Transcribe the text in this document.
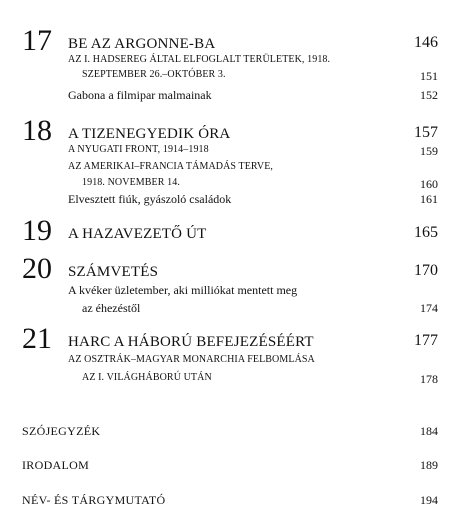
17 BE AZ ARGONNE-BA	146
AZ I. HADSEREG ÁLTAL ELFOGLALT TERÜLETEK, 1918.
SZEPTEMBER 26.–OKTÓBER 3.	151
Gabona a filmipar malmainak	152
18 A TIZENEGYEDIK ÓRA	157
A NYUGATI FRONT, 1914–1918	159
AZ AMERIKAI–FRANCIA TÁMADÁS TERVE,
1918. NOVEMBER 14.	160
Elvesztett fiúk, gyászoló családok	161
19 A HAZAVEZETŐ ÚT	165
20 SZÁMVETÉS	170
A kvéker üzletember, aki milliókat mentett meg
az éhezéstől	174
21 HARC A HÁBORÚ BEFEJEZÉSÉÉRT	177
AZ OSZTRÁK–MAGYAR MONARCHIA FELBOMLÁSA
AZ I. VILÁGHÁBORÚ UTÁN	178
SZÓJEGYZÉK	184
IRODALOM	189
NÉV- ÉS TÁRGYMUTATÓ	194
